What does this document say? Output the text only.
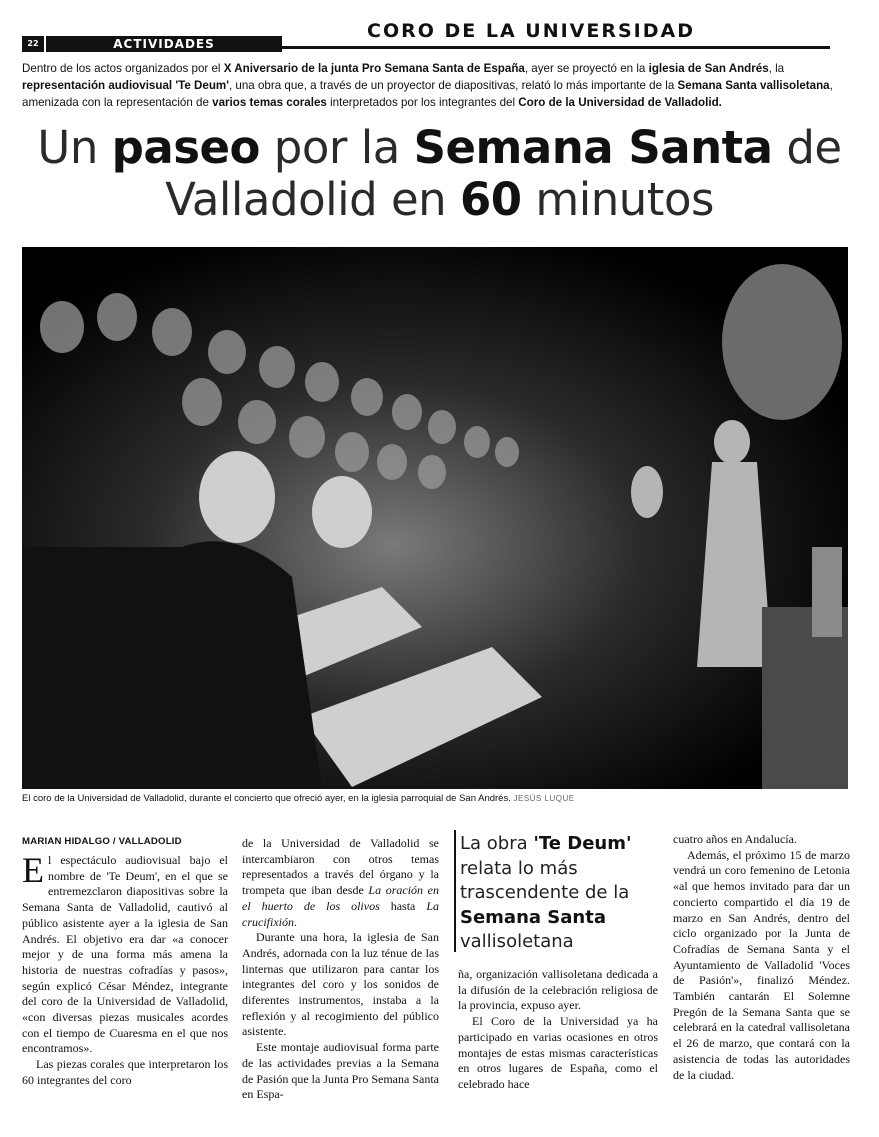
22	ACTIVIDADES
CORO DE LA UNIVERSIDAD
Dentro de los actos organizados por el X Aniversario de la junta Pro Semana Santa de España, ayer se proyectó en la iglesia de San Andrés, la representación audiovisual 'Te Deum', una obra que, a través de un proyector de diapositivas, relató lo más importante de la Semana Santa vallisoletana, amenizada con la representación de varios temas corales interpretados por los integrantes del Coro de la Universidad de Valladolid.
Un paseo por la Semana Santa de
Valladolid en 60 minutos
El coro de la Universidad de Valladolid, durante el concierto que ofreció ayer, en la iglesia parroquial de San Andrés. JESÚS LUQUE
MARIAN HIDALGO / VALLADOLID

El espectáculo audiovisual bajo el nombre de 'Te Deum', en el que se entremezclaron diapositivas sobre la Semana Santa de Valladolid, cautivó al público asistente ayer a la iglesia de San Andrés. El objetivo era dar «a conocer mejor y de una forma más amena la historia de nuestras cofradías y pasos», según explicó César Méndez, integrante del coro de la Universidad de Valladolid, «con diversas piezas musicales acordes con el tiempo de Cuaresma en el que nos encontramos».

Las piezas corales que interpretaron los 60 integrantes del coro

de la Universidad de Valladolid se intercambiaron con otros temas representados a través del órgano y la trompeta que iban desde La oración en el huerto de los olivos hasta La crucifixión.

Durante una hora, la iglesia de San Andrés, adornada con la luz ténue de las linternas que utilizaron para cantar los integrantes del coro y los sonidos de diferentes instrumentos, instaba a la reflexión y al recogimiento del público asistente.

Este montaje audiovisual forma parte de las actividades previas a la Semana de Pasión que la Junta Pro Semana Santa en Espa-

La obra 'Te Deum' relata lo más trascendente de la Semana Santa
vallisoletana

ña, organización vallisoletana dedicada a la difusión de la celebración religiosa de la provincia, expuso ayer.

El Coro de la Universidad ya ha participado en varias ocasiones en otros montajes de estas mismas características en otros lugares de España, como el celebrado hace

cuatro años en Andalucía.

Además, el próximo 15 de marzo vendrá un coro femenino de Letonia «al que hemos invitado para dar un concierto compartido el día 19 de marzo en San Andrés, dentro del ciclo organizado por la Junta de Cofradías de Semana Santa y el Ayuntamiento de Valladolid 'Voces de Pasión'», finalizó Méndez. También cantarán El Solemne Pregón de la Semana Santa que se celebrará en la catedral vallisoletana el 26 de marzo, que contará con la asistencia de todas las autoridades de la ciudad.
